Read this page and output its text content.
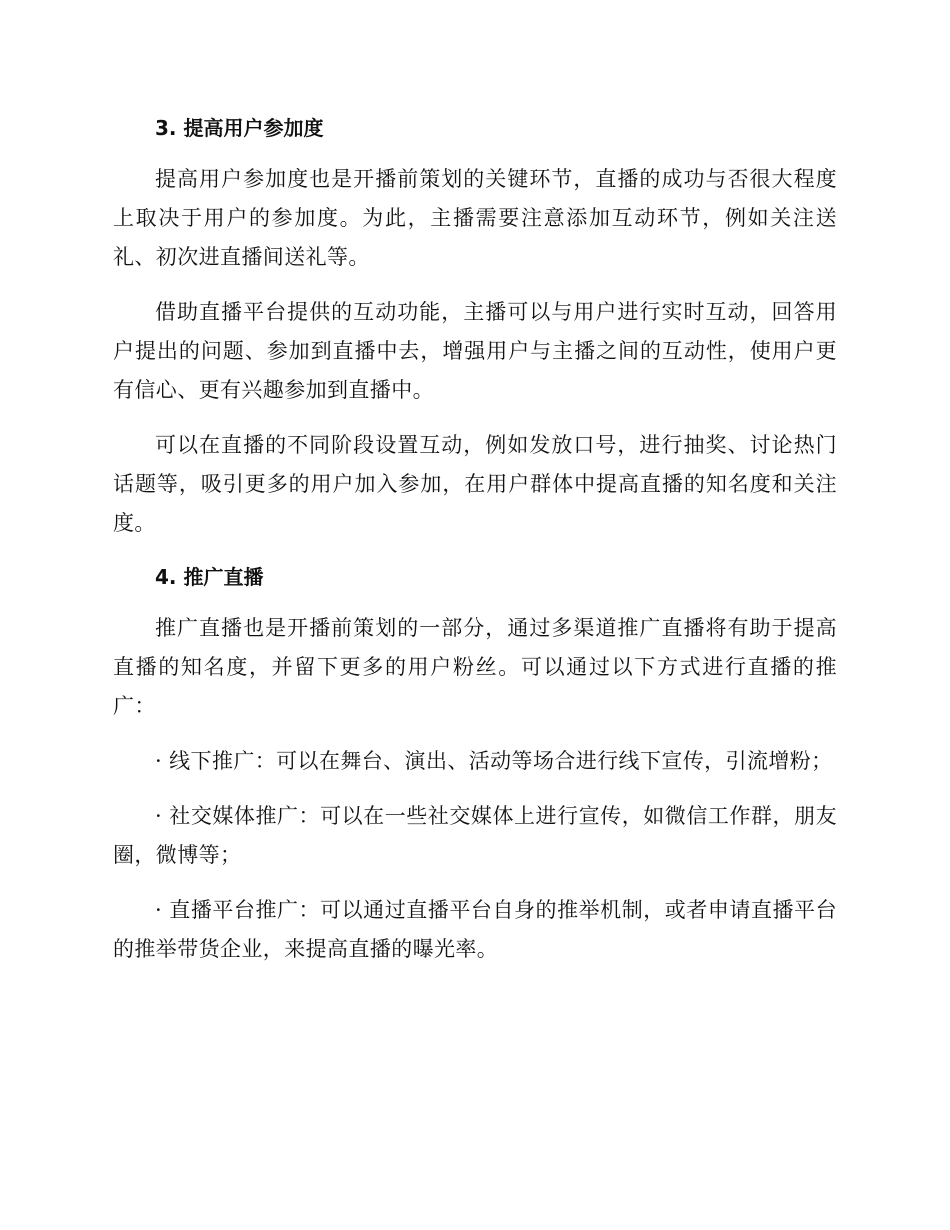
3. 提高用户参加度

提高用户参加度也是开播前策划的关键环节，直播的成功与否很大程度上取决于用户的参加度。为此，主播需要注意添加互动环节，例如关注送礼、初次进直播间送礼等。

借助直播平台提供的互动功能，主播可以与用户进行实时互动，回答用户提出的问题、参加到直播中去，增强用户与主播之间的互动性，使用户更有信心、更有兴趣参加到直播中。

可以在直播的不同阶段设置互动，例如发放口号，进行抽奖、讨论热门话题等，吸引更多的用户加入参加，在用户群体中提高直播的知名度和关注度。

4. 推广直播

推广直播也是开播前策划的一部分，通过多渠道推广直播将有助于提高直播的知名度，并留下更多的用户粉丝。可以通过以下方式进行直播的推广：

· 线下推广：可以在舞台、演出、活动等场合进行线下宣传，引流增粉；

· 社交媒体推广：可以在一些社交媒体上进行宣传，如微信工作群，朋友圈，微博等；

· 直播平台推广：可以通过直播平台自身的推举机制，或者申请直播平台的推举带货企业，来提高直播的曝光率。
